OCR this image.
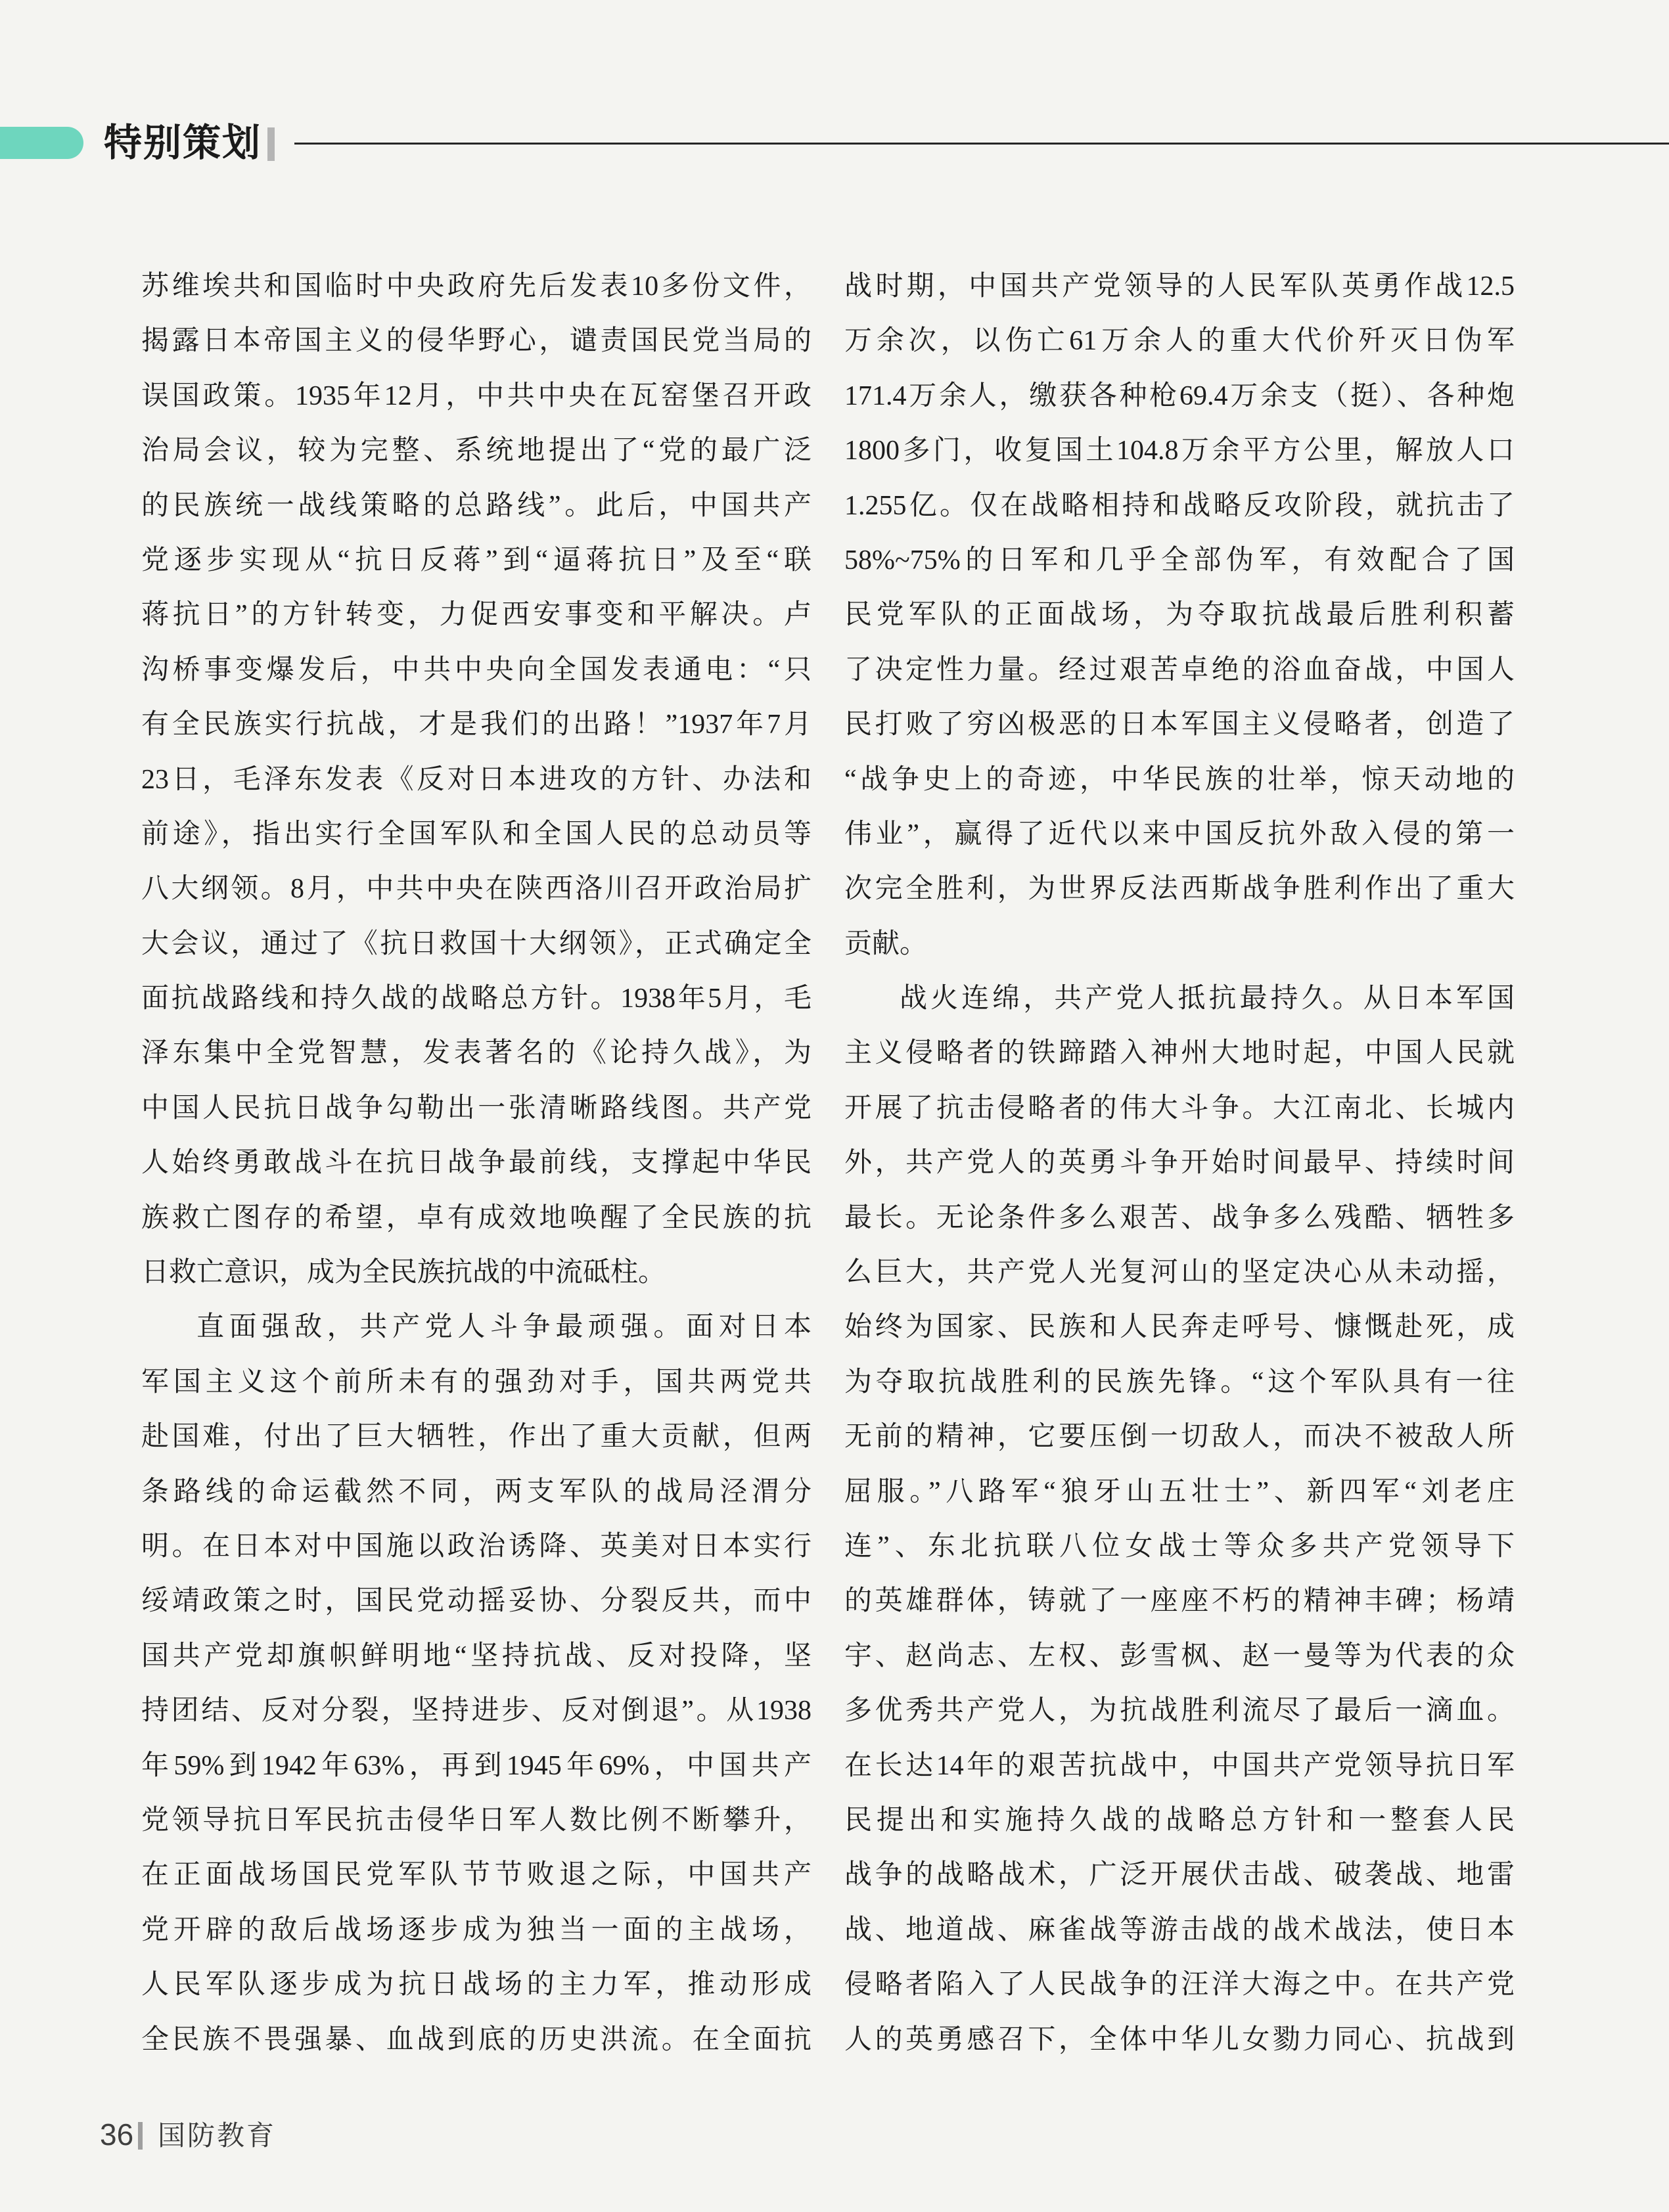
特别策划
苏维埃共和国临时中央政府先后发表10多份文件，
揭露日本帝国主义的侵华野心，谴责国民党当局的
误国政策。1935年12月，中共中央在瓦窑堡召开政
治局会议，较为完整、系统地提出了“党的最广泛
的民族统一战线策略的总路线”。此后，中国共产
党逐步实现从“抗日反蒋”到“逼蒋抗日”及至“联
蒋抗日”的方针转变，力促西安事变和平解决。卢
沟桥事变爆发后，中共中央向全国发表通电：“只
有全民族实行抗战，才是我们的出路！”1937年7月
23日，毛泽东发表《反对日本进攻的方针、办法和
前途》，指出实行全国军队和全国人民的总动员等
八大纲领。8月，中共中央在陕西洛川召开政治局扩
大会议，通过了《抗日救国十大纲领》，正式确定全
面抗战路线和持久战的战略总方针。1938年5月，毛
泽东集中全党智慧，发表著名的《论持久战》，为
中国人民抗日战争勾勒出一张清晰路线图。共产党
人始终勇敢战斗在抗日战争最前线，支撑起中华民
族救亡图存的希望，卓有成效地唤醒了全民族的抗
日救亡意识，成为全民族抗战的中流砥柱。
直面强敌，共产党人斗争最顽强。面对日本
军国主义这个前所未有的强劲对手，国共两党共
赴国难，付出了巨大牺牲，作出了重大贡献，但两
条路线的命运截然不同，两支军队的战局泾渭分
明。在日本对中国施以政治诱降、英美对日本实行
绥靖政策之时，国民党动摇妥协、分裂反共，而中
国共产党却旗帜鲜明地“坚持抗战、反对投降，坚
持团结、反对分裂，坚持进步、反对倒退”。从1938
年59%到1942年63%，再到1945年69%，中国共产
党领导抗日军民抗击侵华日军人数比例不断攀升，
在正面战场国民党军队节节败退之际，中国共产
党开辟的敌后战场逐步成为独当一面的主战场，
人民军队逐步成为抗日战场的主力军，推动形成
全民族不畏强暴、血战到底的历史洪流。在全面抗
战时期，中国共产党领导的人民军队英勇作战12.5
万余次，以伤亡61万余人的重大代价歼灭日伪军
171.4万余人，缴获各种枪69.4万余支（挺）、各种炮
1800多门，收复国土104.8万余平方公里，解放人口
1.255亿。仅在战略相持和战略反攻阶段，就抗击了
58%~75%的日军和几乎全部伪军，有效配合了国
民党军队的正面战场，为夺取抗战最后胜利积蓄
了决定性力量。经过艰苦卓绝的浴血奋战，中国人
民打败了穷凶极恶的日本军国主义侵略者，创造了
“战争史上的奇迹，中华民族的壮举，惊天动地的
伟业”，赢得了近代以来中国反抗外敌入侵的第一
次完全胜利，为世界反法西斯战争胜利作出了重大
贡献。
战火连绵，共产党人抵抗最持久。从日本军国
主义侵略者的铁蹄踏入神州大地时起，中国人民就
开展了抗击侵略者的伟大斗争。大江南北、长城内
外，共产党人的英勇斗争开始时间最早、持续时间
最长。无论条件多么艰苦、战争多么残酷、牺牲多
么巨大，共产党人光复河山的坚定决心从未动摇，
始终为国家、民族和人民奔走呼号、慷慨赴死，成
为夺取抗战胜利的民族先锋。“这个军队具有一往
无前的精神，它要压倒一切敌人，而决不被敌人所
屈服。”八路军“狼牙山五壮士”、新四军“刘老庄
连”、东北抗联八位女战士等众多共产党领导下
的英雄群体，铸就了一座座不朽的精神丰碑；杨靖
宇、赵尚志、左权、彭雪枫、赵一曼等为代表的众
多优秀共产党人，为抗战胜利流尽了最后一滴血。
在长达14年的艰苦抗战中，中国共产党领导抗日军
民提出和实施持久战的战略总方针和一整套人民
战争的战略战术，广泛开展伏击战、破袭战、地雷
战、地道战、麻雀战等游击战的战术战法，使日本
侵略者陷入了人民战争的汪洋大海之中。在共产党
人的英勇感召下，全体中华儿女勠力同心、抗战到
36 国防教育
